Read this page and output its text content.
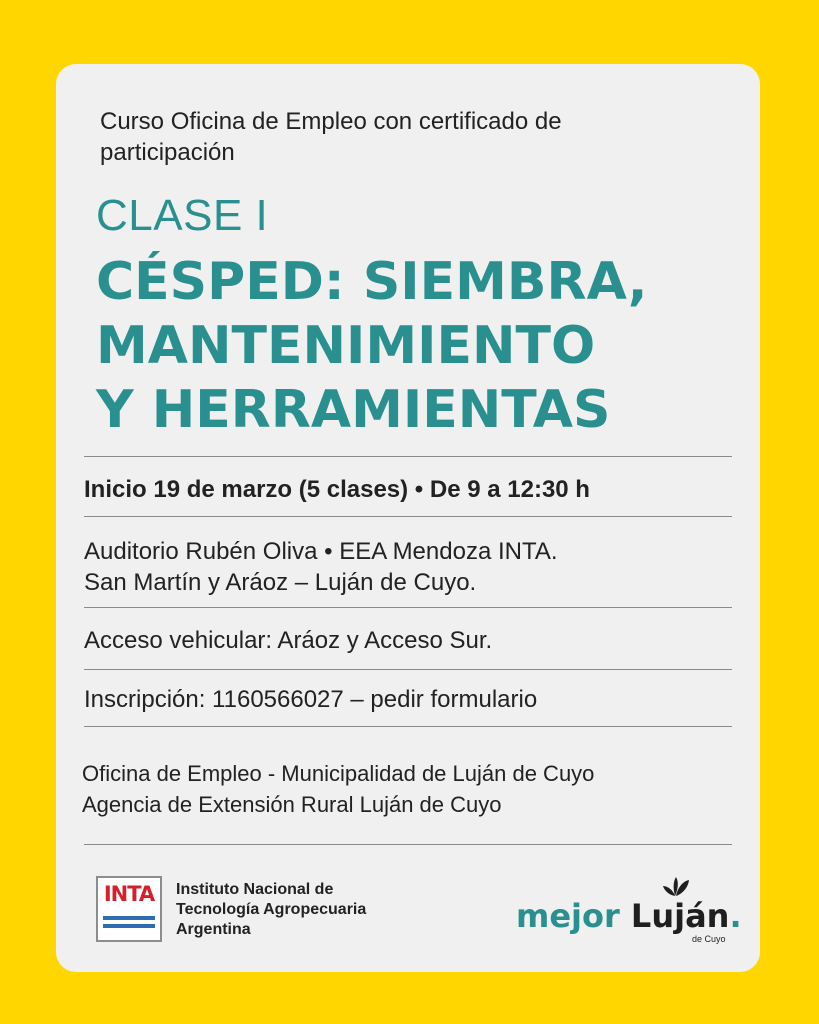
Curso Oficina de Empleo con certificado de participación
CLASE I
CÉSPED: SIEMBRA,
MANTENIMIENTO
Y HERRAMIENTAS
Inicio 19 de marzo (5 clases) • De 9 a 12:30 h
Auditorio Rubén Oliva • EEA Mendoza INTA.
San Martín y Aráoz – Luján de Cuyo.
Acceso vehicular: Aráoz y Acceso Sur.
Inscripción: 1160566027 – pedir formulario
Oficina de Empleo - Municipalidad de Luján de Cuyo
Agencia de Extensión Rural Luján de Cuyo
INTA Instituto Nacional de
Tecnología Agropecuaria
Argentina	mejor Luján.
de Cuyo
